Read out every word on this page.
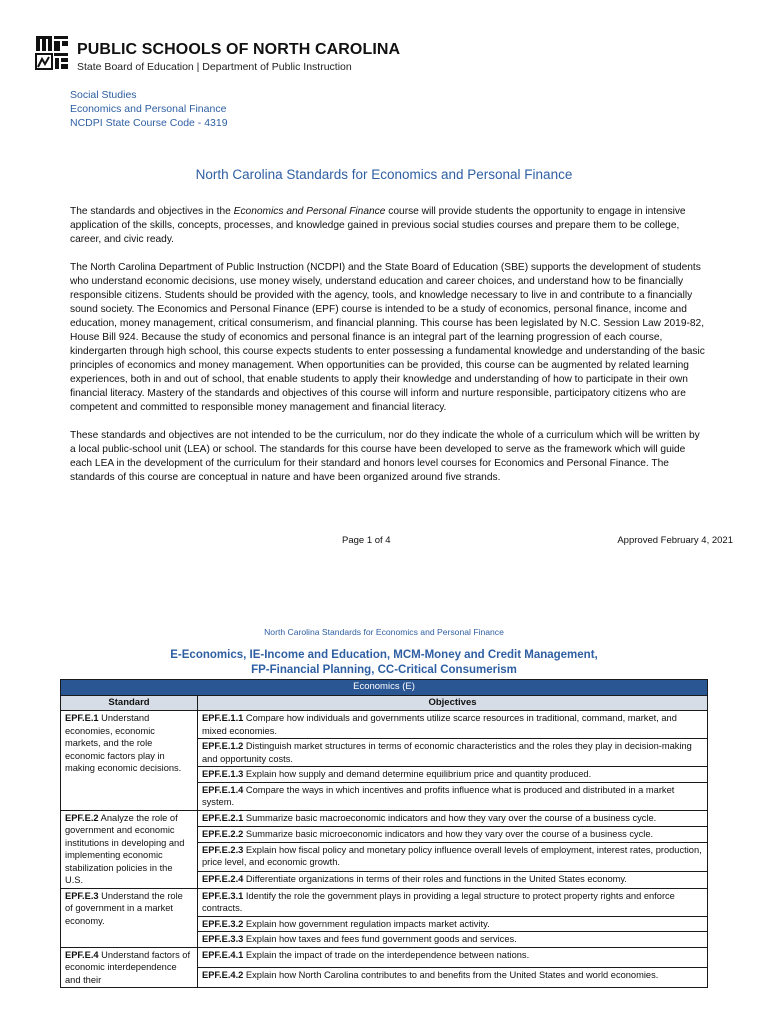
PUBLIC SCHOOLS OF NORTH CAROLINA
State Board of Education | Department of Public Instruction
Social Studies
Economics and Personal Finance
NCDPI State Course Code - 4319
North Carolina Standards for Economics and Personal Finance

The standards and objectives in the Economics and Personal Finance course will provide students the opportunity to engage in intensive application of the skills, concepts, processes, and knowledge gained in previous social studies courses and prepare them to be college, career, and civic ready.

The North Carolina Department of Public Instruction (NCDPI) and the State Board of Education (SBE) supports the development of students who understand economic decisions, use money wisely, understand education and career choices, and understand how to be financially responsible citizens. Students should be provided with the agency, tools, and knowledge necessary to live in and contribute to a financially sound society. The Economics and Personal Finance (EPF) course is intended to be a study of economics, personal finance, income and education, money management, critical consumerism, and financial planning. This course has been legislated by N.C. Session Law 2019-82, House Bill 924. Because the study of economics and personal finance is an integral part of the learning progression of each course, kindergarten through high school, this course expects students to enter possessing a fundamental knowledge and understanding of the basic principles of economics and money management. When opportunities can be provided, this course can be augmented by related learning experiences, both in and out of school, that enable students to apply their knowledge and understanding of how to participate in their own financial literacy. Mastery of the standards and objectives of this course will inform and nurture responsible, participatory citizens who are competent and committed to responsible money management and financial literacy.

These standards and objectives are not intended to be the curriculum, nor do they indicate the whole of a curriculum which will be written by a local public-school unit (LEA) or school. The standards for this course have been developed to serve as the framework which will guide each LEA in the development of the curriculum for their standard and honors level courses for Economics and Personal Finance. The standards of this course are conceptual in nature and have been organized around five strands.

Page 1 of 4	Approved February 4, 2021
North Carolina Standards for Economics and Personal Finance
E-Economics, IE-Income and Education, MCM-Money and Credit Management,
FP-Financial Planning, CC-Critical Consumerism
Economics (E)	
Standard	Objectives
EPF.E.1 Understand economies, economic markets, and the role economic factors play in making economic decisions.	EPF.E.1.1 Compare how individuals and governments utilize scarce resources in traditional, command, market, and mixed economies.
	EPF.E.1.2 Distinguish market structures in terms of economic characteristics and the roles they play in decision-making and opportunity costs.
	EPF.E.1.3 Explain how supply and demand determine equilibrium price and quantity produced.
	EPF.E.1.4 Compare the ways in which incentives and profits influence what is produced and distributed in a market system.
EPF.E.2 Analyze the role of government and economic institutions in developing and implementing economic stabilization policies in the U.S.	EPF.E.2.1 Summarize basic macroeconomic indicators and how they vary over the course of a business cycle.
	EPF.E.2.2 Summarize basic microeconomic indicators and how they vary over the course of a business cycle.
	EPF.E.2.3 Explain how fiscal policy and monetary policy influence overall levels of employment, interest rates, production, price level, and economic growth.
	EPF.E.2.4 Differentiate organizations in terms of their roles and functions in the United States economy.
EPF.E.3 Understand the role of government in a market economy.	EPF.E.3.1 Identify the role the government plays in providing a legal structure to protect property rights and enforce contracts.
	EPF.E.3.2 Explain how government regulation impacts market activity.
	EPF.E.3.3 Explain how taxes and fees fund government goods and services.
EPF.E.4 Understand factors of economic interdependence and their	EPF.E.4.1 Explain the impact of trade on the interdependence between nations.
	EPF.E.4.2 Explain how North Carolina contributes to and benefits from the United States and world economies.
